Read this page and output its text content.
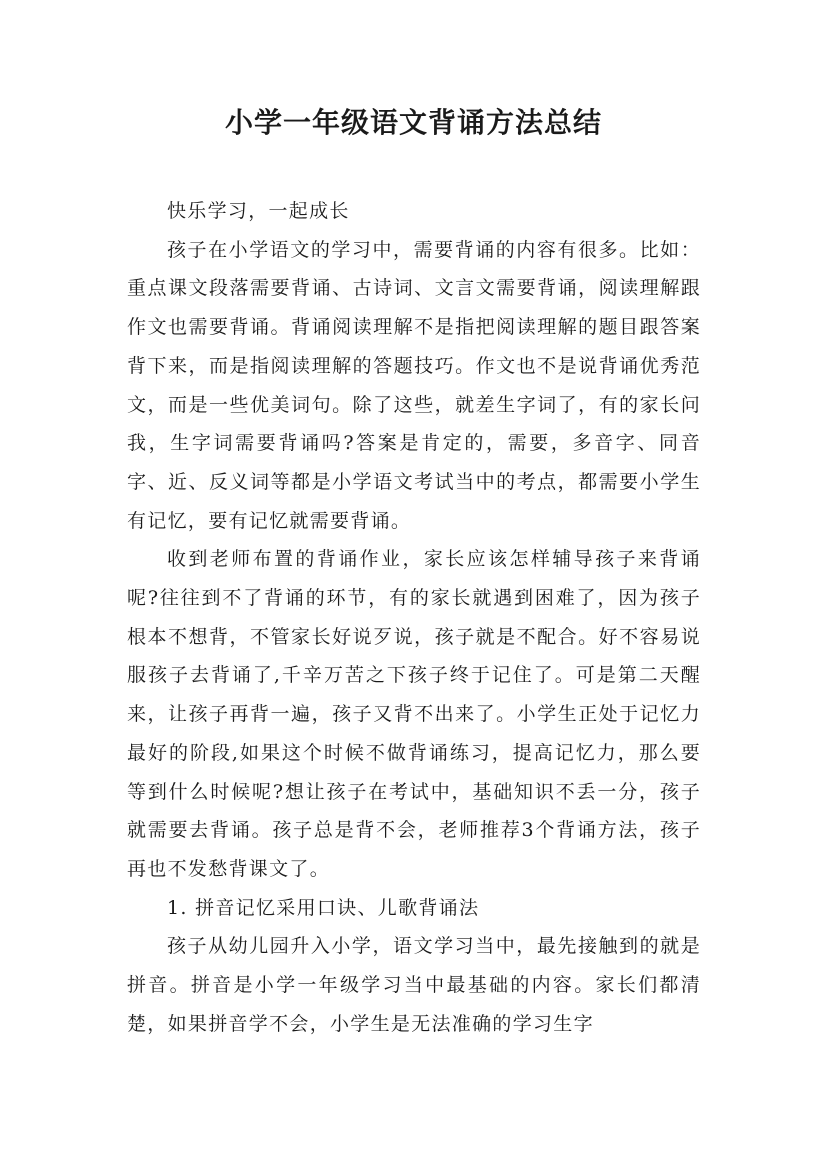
小学一年级语文背诵方法总结

快乐学习，一起成长

孩子在小学语文的学习中，需要背诵的内容有很多。比如：重点课文段落需要背诵、古诗词、文言文需要背诵，阅读理解跟作文也需要背诵。背诵阅读理解不是指把阅读理解的题目跟答案背下来，而是指阅读理解的答题技巧。作文也不是说背诵优秀范文，而是一些优美词句。除了这些，就差生字词了，有的家长问我，生字词需要背诵吗?答案是肯定的，需要，多音字、同音字、近、反义词等都是小学语文考试当中的考点，都需要小学生有记忆，要有记忆就需要背诵。

收到老师布置的背诵作业，家长应该怎样辅导孩子来背诵呢?往往到不了背诵的环节，有的家长就遇到困难了，因为孩子根本不想背，不管家长好说歹说，孩子就是不配合。好不容易说服孩子去背诵了,千辛万苦之下孩子终于记住了。可是第二天醒来，让孩子再背一遍，孩子又背不出来了。小学生正处于记忆力最好的阶段,如果这个时候不做背诵练习，提高记忆力，那么要等到什么时候呢?想让孩子在考试中，基础知识不丢一分，孩子就需要去背诵。孩子总是背不会，老师推荐3个背诵方法，孩子再也不发愁背课文了。

1. 拼音记忆采用口诀、儿歌背诵法

孩子从幼儿园升入小学，语文学习当中，最先接触到的就是拼音。拼音是小学一年级学习当中最基础的内容。家长们都清楚，如果拼音学不会，小学生是无法准确的学习生字
